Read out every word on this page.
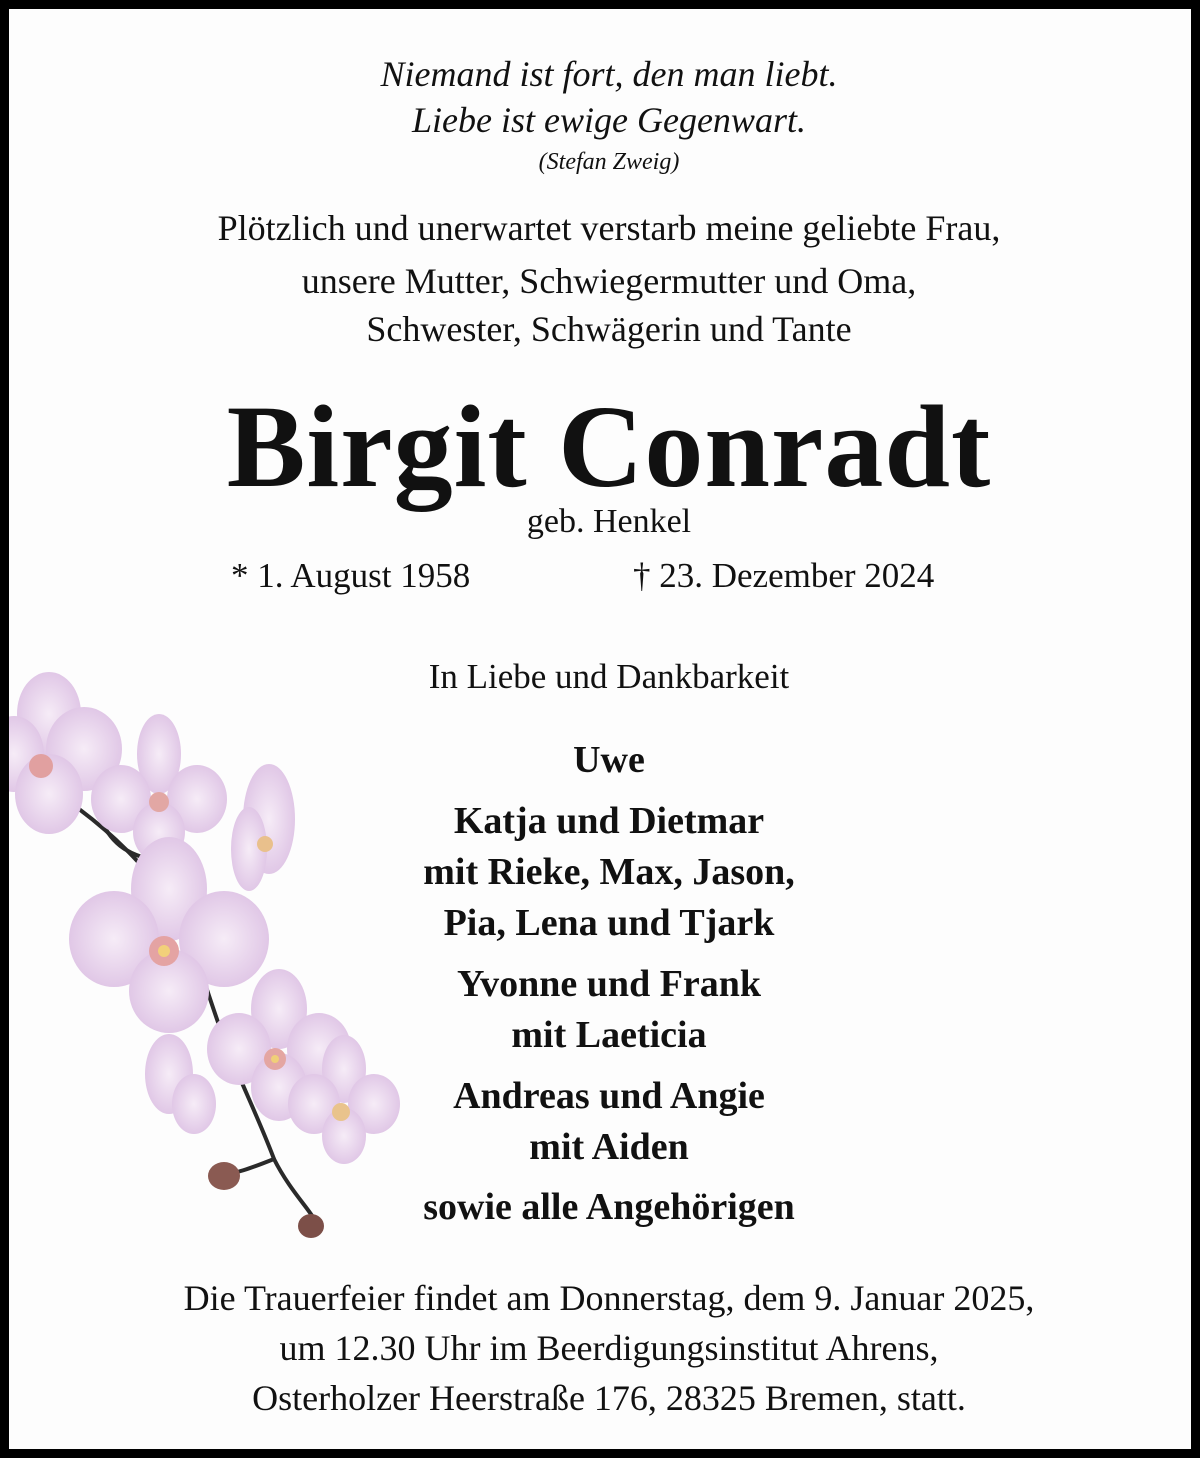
Niemand ist fort, den man liebt.
Liebe ist ewige Gegenwart.
(Stefan Zweig)
Plötzlich und unerwartet verstarb meine geliebte Frau,
unsere Mutter, Schwiegermutter und Oma,
Schwester, Schwägerin und Tante
Birgit Conradt
geb. Henkel
* 1. August 1958	† 23. Dezember 2024
In Liebe und Dankbarkeit
Uwe
Katja und Dietmar
mit Rieke, Max, Jason,
Pia, Lena und Tjark
Yvonne und Frank
mit Laeticia
Andreas und Angie
mit Aiden
sowie alle Angehörigen
Die Trauerfeier findet am Donnerstag, dem 9. Januar 2025,
um 12.30 Uhr im Beerdigungsinstitut Ahrens,
Osterholzer Heerstraße 176, 28325 Bremen, statt.
